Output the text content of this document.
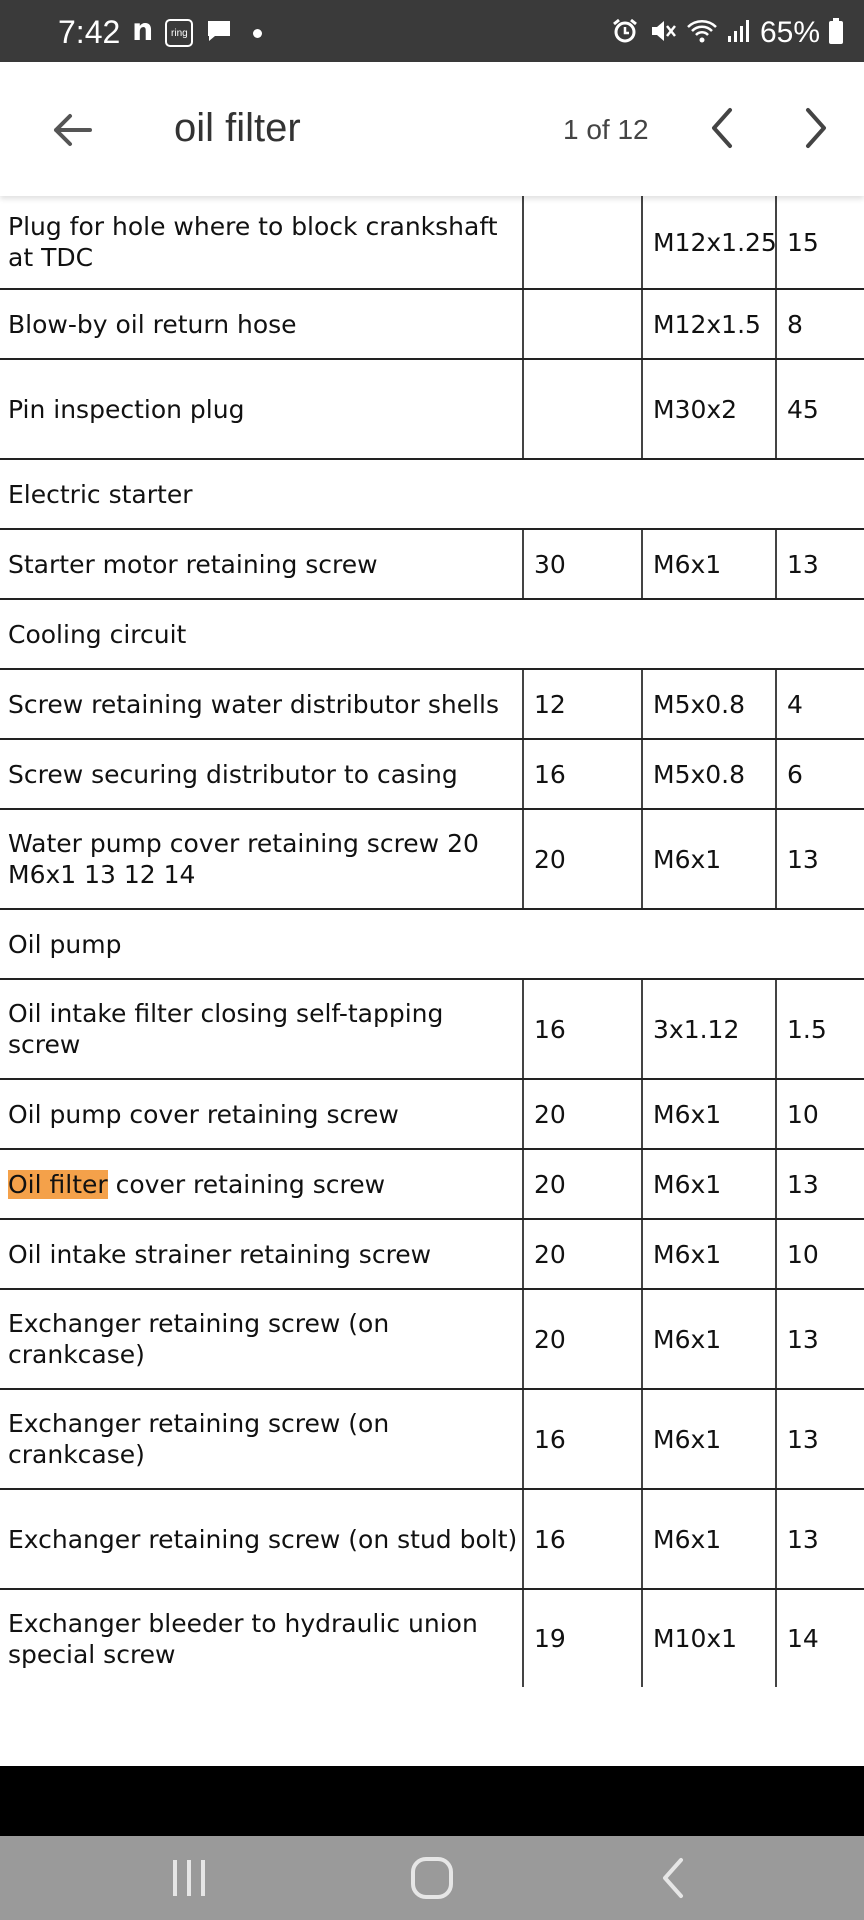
7:42 n	ring	65%
oil filter	1 of 12
Plug for hole where to block crankshaft at TDC		M12x1.25	15
Blow-by oil return hose		M12x1.5	8
Pin inspection plug		M30x2	45
Electric starter			
Starter motor retaining screw	30	M6x1	13
Cooling circuit			
Screw retaining water distributor shells	12	M5x0.8	4
Screw securing distributor to casing	16	M5x0.8	6
Water pump cover retaining screw 20 M6x1 13 12 14	20	M6x1	13
Oil pump			
Oil intake filter closing self-tapping screw	16	3x1.12	1.5
Oil pump cover retaining screw	20	M6x1	10
Oil filter cover retaining screw	20	M6x1	13
Oil intake strainer retaining screw	20	M6x1	10
Exchanger retaining screw (on crankcase)	20	M6x1	13
Exchanger retaining screw (on crankcase)	16	M6x1	13
Exchanger retaining screw (on stud bolt)	16	M6x1	13
Exchanger bleeder to hydraulic union special screw	19	M10x1	14
